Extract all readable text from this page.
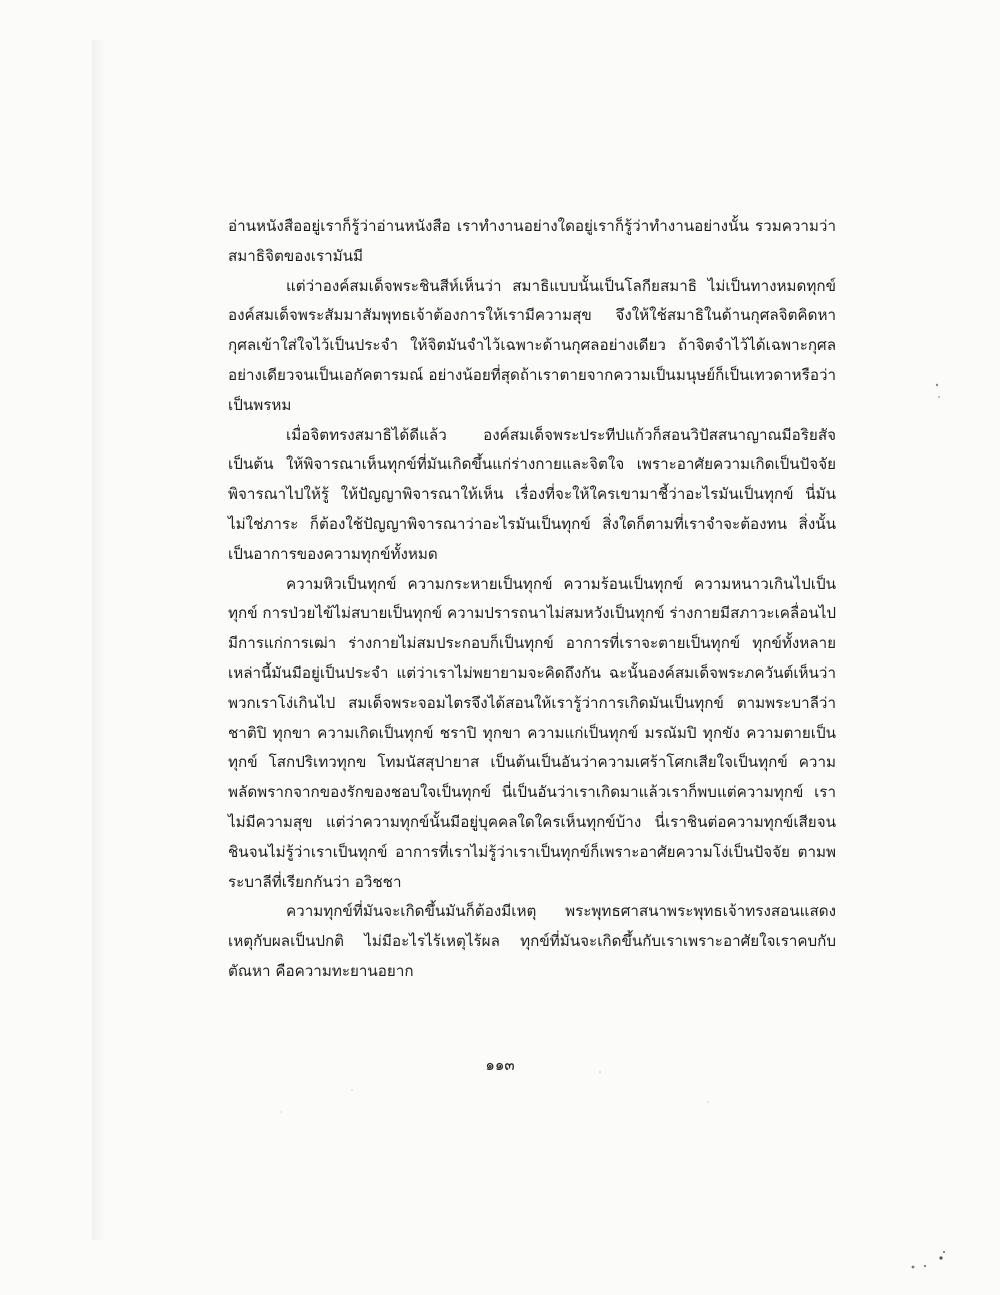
อ่านหนังสืออยู่เราก็รู้ว่าอ่านหนังสือ เราทำงานอย่างใดอยู่เราก็รู้ว่าทำงานอย่างนั้น รวมความว่าสมาธิจิตของเรามันมี

แต่ว่าองค์สมเด็จพระชินสีห์เห็นว่า สมาธิแบบนั้นเป็นโลกียสมาธิ ไม่เป็นทางหมดทุกข์ องค์สมเด็จพระสัมมาสัมพุทธเจ้าต้องการให้เรามีความสุข จึงให้ใช้สมาธิในด้านกุศลจิตคิดหากุศลเข้าใส่ใจไว้เป็นประจำ ให้จิตมันจำไว้เฉพาะด้านกุศลอย่างเดียว ถ้าจิตจำไว้ได้เฉพาะกุศลอย่างเดียวจนเป็นเอกัคตารมณ์ อย่างน้อยที่สุดถ้าเราตายจากความเป็นมนุษย์ก็เป็นเทวดาหรือว่าเป็นพรหม

เมื่อจิตทรงสมาธิได้ดีแล้ว องค์สมเด็จพระประทีปแก้วก็สอนวิปัสสนาญาณมีอริยสัจ เป็นต้น ให้พิจารณาเห็นทุกข์ที่มันเกิดขึ้นแก่ร่างกายและจิตใจ เพราะอาศัยความเกิดเป็นปัจจัย พิจารณาไปให้รู้ ให้ปัญญาพิจารณาให้เห็น เรื่องที่จะให้ใครเขามาชี้ว่าอะไรมันเป็นทุกข์ นี่มันไม่ใช่ภาระ ก็ต้องใช้ปัญญาพิจารณาว่าอะไรมันเป็นทุกข์ สิ่งใดก็ตามที่เราจำจะต้องทน สิ่งนั้นเป็นอาการของความทุกข์ทั้งหมด

ความหิวเป็นทุกข์ ความกระหายเป็นทุกข์ ความร้อนเป็นทุกข์ ความหนาวเกินไปเป็นทุกข์ การป่วยไข้ไม่สบายเป็นทุกข์ ความปรารถนาไม่สมหวังเป็นทุกข์ ร่างกายมีสภาวะเคลื่อนไปมีการแก่การเฒ่า ร่างกายไม่สมประกอบก็เป็นทุกข์ อาการที่เราจะตายเป็นทุกข์ ทุกข์ทั้งหลายเหล่านี้มันมีอยู่เป็นประจำ แต่ว่าเราไม่พยายามจะคิดถึงกัน ฉะนั้นองค์สมเด็จพระภควันต์เห็นว่าพวกเราโง่เกินไป สมเด็จพระจอมไตรจึงได้สอนให้เรารู้ว่าการเกิดมันเป็นทุกข์ ตามพระบาลีว่า ชาติปิ ทุกขา ความเกิดเป็นทุกข์ ชราปิ ทุกขา ความแก่เป็นทุกข์ มรณัมปิ ทุกขัง ความตายเป็นทุกข์ โสกปริเทวทุกข โทมนัสสุปายาส เป็นต้นเป็นอันว่าความเศร้าโศกเสียใจเป็นทุกข์ ความพลัดพรากจากของรักของชอบใจเป็นทุกข์ นี่เป็นอันว่าเราเกิดมาแล้วเราก็พบแต่ความทุกข์ เราไม่มีความสุข แต่ว่าความทุกข์นั้นมีอยู่บุคคลใดใครเห็นทุกข์บ้าง นี่เราชินต่อความทุกข์เสียจนชินจนไม่รู้ว่าเราเป็นทุกข์ อาการที่เราไม่รู้ว่าเราเป็นทุกข์ก็เพราะอาศัยความโง่เป็นปัจจัย ตามพระบาลีที่เรียกกันว่า อวิชชา

ความทุกข์ที่มันจะเกิดขึ้นมันก็ต้องมีเหตุ พระพุทธศาสนาพระพุทธเจ้าทรงสอนแสดงเหตุกับผลเป็นปกติ ไม่มีอะไรไร้เหตุไร้ผล ทุกข์ที่มันจะเกิดขึ้นกับเราเพราะอาศัยใจเราคบกับตัณหา คือความทะยานอยาก

๑๑๓
